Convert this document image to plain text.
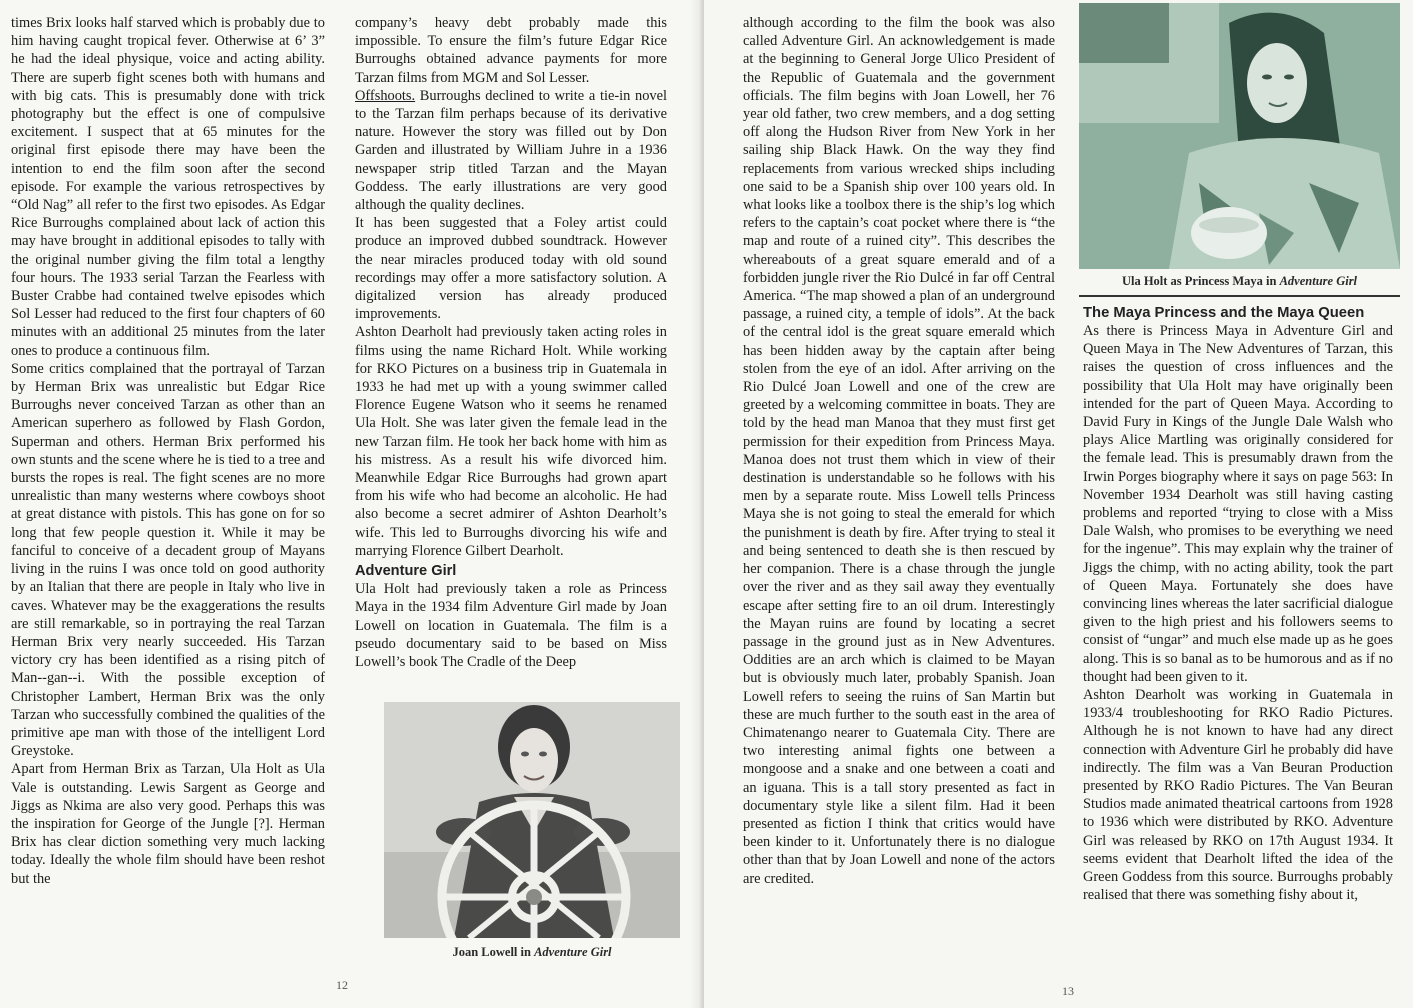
times Brix looks half starved which is probably due to him having caught tropical fever. Otherwise at 6’ 3” he had the ideal physique, voice and acting ability. There are superb fight scenes both with humans and with big cats. This is presumably done with trick photography but the effect is one of compulsive excitement. I suspect that at 65 minutes for the original first episode there may have been the intention to end the film soon after the second episode. For example the various retrospectives by “Old Nag” all refer to the first two episodes. As Edgar Rice Burroughs complained about lack of action this may have brought in additional episodes to tally with the original number giving the film total a lengthy four hours. The 1933 serial Tarzan the Fearless with Buster Crabbe had contained twelve episodes which Sol Lesser had reduced to the first four chapters of 60 minutes with an additional 25 minutes from the later ones to produce a continuous film.

Some critics complained that the portrayal of Tarzan by Herman Brix was unrealistic but Edgar Rice Burroughs never conceived Tarzan as other than an American superhero as followed by Flash Gordon, Superman and others. Herman Brix performed his own stunts and the scene where he is tied to a tree and bursts the ropes is real. The fight scenes are no more unrealistic than many westerns where cowboys shoot at great distance with pistols. This has gone on for so long that few people question it. While it may be fanciful to conceive of a decadent group of Mayans living in the ruins I was once told on good authority by an Italian that there are people in Italy who live in caves. Whatever may be the exaggerations the results are still remarkable, so in portraying the real Tarzan Herman Brix very nearly succeeded. His Tarzan victory cry has been identified as a rising pitch of Man--gan--i. With the possible exception of Christopher Lambert, Herman Brix was the only Tarzan who successfully combined the qualities of the primitive ape man with those of the intelligent Lord Greystoke.

Apart from Herman Brix as Tarzan, Ula Holt as Ula Vale is outstanding. Lewis Sargent as George and Jiggs as Nkima are also very good. Perhaps this was the inspiration for George of the Jungle [?]. Herman Brix has clear diction something very much lacking today. Ideally the whole film should have been reshot but the

company’s heavy debt probably made this impossible. To ensure the film’s future Edgar Rice Burroughs obtained advance payments for more Tarzan films from MGM and Sol Lesser.

Offshoots. Burroughs declined to write a tie-in novel to the Tarzan film perhaps because of its derivative nature. However the story was filled out by Don Garden and illustrated by William Juhre in a 1936 newspaper strip titled Tarzan and the Mayan Goddess. The early illustrations are very good although the quality declines.

It has been suggested that a Foley artist could produce an improved dubbed soundtrack. However the near miracles produced today with old sound recordings may offer a more satisfactory solution. A digitalized version has already produced improvements.

Ashton Dearholt had previously taken acting roles in films using the name Richard Holt. While working for RKO Pictures on a business trip in Guatemala in 1933 he had met up with a young swimmer called Florence Eugene Watson who it seems he renamed Ula Holt. She was later given the female lead in the new Tarzan film. He took her back home with him as his mistress. As a result his wife divorced him. Meanwhile Edgar Rice Burroughs had grown apart from his wife who had become an alcoholic. He had also become a secret admirer of Ashton Dearholt’s wife. This led to Burroughs divorcing his wife and marrying Florence Gilbert Dearholt.

Adventure Girl

Ula Holt had previously taken a role as Princess Maya in the 1934 film Adventure Girl made by Joan Lowell on location in Guatemala. The film is a pseudo documentary said to be based on Miss Lowell’s book The Cradle of the Deep

Joan Lowell in Adventure Girl
12

although according to the film the book was also called Adventure Girl. An acknowledgement is made at the beginning to General Jorge Ulico President of the Republic of Guatemala and the government officials. The film begins with Joan Lowell, her 76 year old father, two crew members, and a dog setting off along the Hudson River from New York in her sailing ship Black Hawk. On the way they find replacements from various wrecked ships including one said to be a Spanish ship over 100 years old. In what looks like a toolbox there is the ship’s log which refers to the captain’s coat pocket where there is “the map and route of a ruined city”. This describes the whereabouts of a great square emerald and of a forbidden jungle river the Rio Dulcé in far off Central America. “The map showed a plan of an underground passage, a ruined city, a temple of idols”. At the back of the central idol is the great square emerald which has been hidden away by the captain after being stolen from the eye of an idol. After arriving on the Rio Dulcé Joan Lowell and one of the crew are greeted by a welcoming committee in boats. They are told by the head man Manoa that they must first get permission for their expedition from Princess Maya. Manoa does not trust them which in view of their destination is understandable so he follows with his men by a separate route. Miss Lowell tells Princess Maya she is not going to steal the emerald for which the punishment is death by fire. After trying to steal it and being sentenced to death she is then rescued by her companion. There is a chase through the jungle over the river and as they sail away they eventually escape after setting fire to an oil drum. Interestingly the Mayan ruins are found by locating a secret passage in the ground just as in New Adventures. Oddities are an arch which is claimed to be Mayan but is obviously much later, probably Spanish. Joan Lowell refers to seeing the ruins of San Martin but these are much further to the south east in the area of Chimatenango nearer to Guatemala City. There are two interesting animal fights one between a mongoose and a snake and one between a coati and an iguana. This is a tall story presented as fact in documentary style like a silent film. Had it been presented as fiction I think that critics would have been kinder to it. Unfortunately there is no dialogue other than that by Joan Lowell and none of the actors are credited.

Ula Holt as Princess Maya in Adventure Girl
The Maya Princess and the Maya Queen

As there is Princess Maya in Adventure Girl and Queen Maya in The New Adventures of Tarzan, this raises the question of cross influences and the possibility that Ula Holt may have originally been intended for the part of Queen Maya. According to David Fury in Kings of the Jungle Dale Walsh who plays Alice Martling was originally considered for the female lead. This is presumably drawn from the Irwin Porges biography where it says on page 563: In November 1934 Dearholt was still having casting problems and reported “trying to close with a Miss Dale Walsh, who promises to be everything we need for the ingenue”. This may explain why the trainer of Jiggs the chimp, with no acting ability, took the part of Queen Maya. Fortunately she does have convincing lines whereas the later sacrificial dialogue given to the high priest and his followers seems to consist of “ungar” and much else made up as he goes along. This is so banal as to be humorous and as if no thought had been given to it.

Ashton Dearholt was working in Guatemala in 1933/4 troubleshooting for RKO Radio Pictures. Although he is not known to have had any direct connection with Adventure Girl he probably did have indirectly. The film was a Van Beuran Production presented by RKO Radio Pictures. The Van Beuran Studios made animated theatrical cartoons from 1928 to 1936 which were distributed by RKO. Adventure Girl was released by RKO on 17th August 1934. It seems evident that Dearholt lifted the idea of the Green Goddess from this source. Burroughs probably realised that there was something fishy about it,

13
